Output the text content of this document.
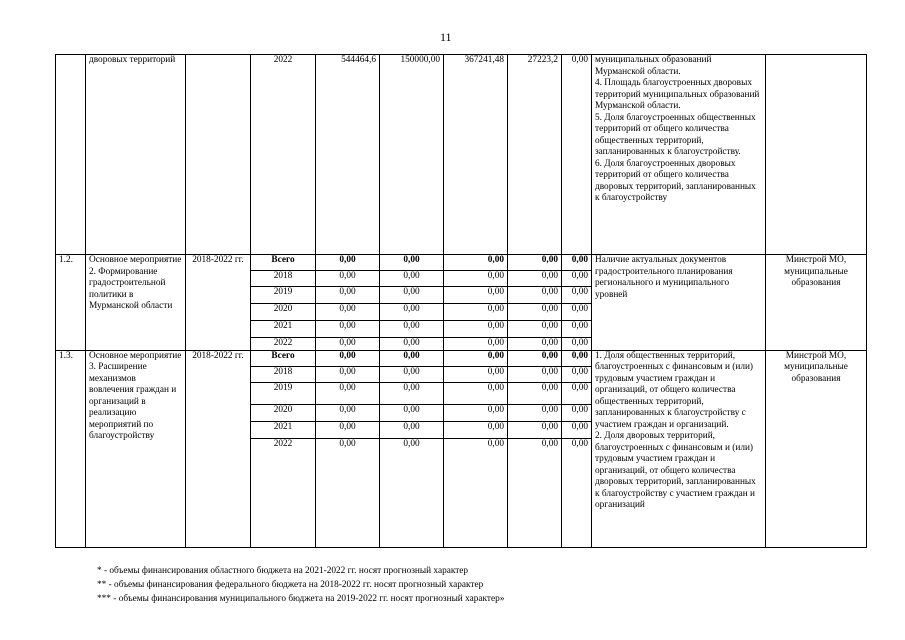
11
	дворовых территорий		2022	544464,6	150000,00	367241,48	27223,2	0,00	муниципальных образований Мурманской области.
4. Площадь благоустроенных дворовых территорий муниципальных образований Мурманской области.
5. Доля благоустроенных общественных территорий от общего количества общественных территорий, запланированных к благоустройству.
6. Доля благоустроенных дворовых территорий от общего количества дворовых территорий, запланированных к благоустройству	
1.2.	Основное мероприятие 2. Формирование градостроительной политики в Мурманской области	2018-2022 гг.	Всего	0,00	0,00	0,00	0,00	0,00	Наличие актуальных документов градостроительного планирования регионального и муниципального уровней	Минстрой МО, муниципальные образования
			2018	0,00	0,00	0,00	0,00	0,00		
			2019	0,00	0,00	0,00	0,00	0,00		
			2020	0,00	0,00	0,00	0,00	0,00		
			2021	0,00	0,00	0,00	0,00	0,00		
			2022	0,00	0,00	0,00	0,00	0,00		
1.3.	Основное мероприятие 3. Расширение механизмов вовлечения граждан и организаций в реализацию мероприятий по благоустройству	2018-2022 гг.	Всего	0,00	0,00	0,00	0,00	0,00	1. Доля общественных территорий, благоустроенных с финансовым и (или) трудовым участием граждан и организаций, от общего количества общественных территорий, запланированных к благоустройству с участием граждан и организаций.
2. Доля дворовых территорий, благоустроенных с финансовым и (или) трудовым участием граждан и организаций, от общего количества дворовых территорий, запланированных к благоустройству с участием граждан и организаций	Минстрой МО, муниципальные образования
			2018	0,00	0,00	0,00	0,00	0,00		
			2019	0,00	0,00	0,00	0,00	0,00		
			2020	0,00	0,00	0,00	0,00	0,00		
			2021	0,00	0,00	0,00	0,00	0,00		
			2022	0,00	0,00	0,00	0,00	0,00		
* - объемы финансирования областного бюджета на 2021-2022 гг. носят прогнозный характер
** - объемы финансирования федерального бюджета на 2018-2022 гг. носят прогнозный характер
*** - объемы финансирования муниципального бюджета на 2019-2022 гг. носят прогнозный характер»
